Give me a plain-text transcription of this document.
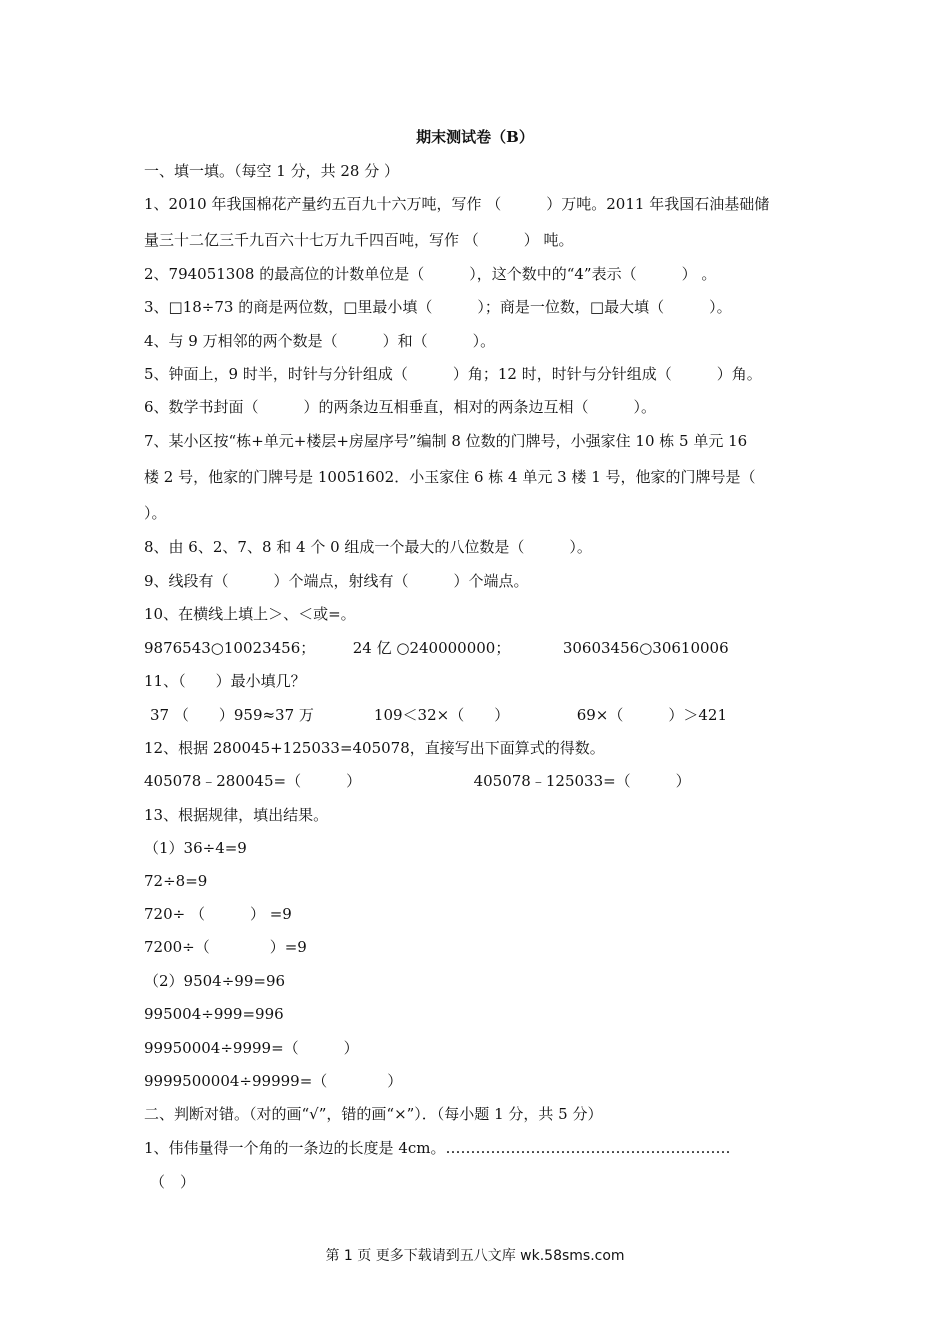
期末测试卷（B）
一、填一填。（每空 1 分，共 28 分 ）
1、2010 年我国棉花产量约五百九十六万吨，写作 （　　　）万吨。2011 年我国石油基础储
量三十二亿三千九百六十七万九千四百吨，写作 （　　　） 吨。
2、794051308 的最高位的计数单位是（　　　），这个数中的“4”表示（　　　） 。
3、□18÷73 的商是两位数，□里最小填（　　　）；商是一位数，□最大填（　　　）。
4、与 9 万相邻的两个数是（　　　）和（　　　）。
5、钟面上，9 时半，时针与分针组成（　　　）角；12 时，时针与分针组成（　　　）角。
6、数学书封面（　　　）的两条边互相垂直，相对的两条边互相（　　　）。
7、某小区按“栋+单元+楼层+房屋序号”编制 8 位数的门牌号，小强家住 10 栋 5 单元 16
楼 2 号，他家的门牌号是 10051602．小玉家住 6 栋 4 单元 3 楼 1 号，他家的门牌号是（
）。
8、由 6、2、7、8 和 4 个 0 组成一个最大的八位数是（　　　）。
9、线段有（　　　）个端点，射线有（　　　）个端点。
10、在横线上填上＞、＜或=。
9876543○10023456；　　　24 亿 ○240000000；　　　　30603456○30610006
11、（　　）最小填几？
37 （　　）959≈37 万　　　　109＜32×（　　）　　　　　69×（　　　）＞421
12、根据 280045+125033=405078，直接写出下面算式的得数。
405078﹣280045=（　　　）　　　　　　　　405078﹣125033=（　　　）
13、根据规律，填出结果。
（1）36÷4=9
72÷8=9
720÷ （　　　） =9
7200÷（　　　　）=9
（2）9504÷99=96
995004÷999=996
99950004÷9999=（　　　）
9999500004÷99999=（　　　　）
二、判断对错。（对的画“√”，错的画“×”）．（每小题 1 分，共 5 分）
1、伟伟量得一个角的一条边的长度是 4cm。…………………………………………………
（　）
第 1 页 更多下载请到五八文库 wk.58sms.com
